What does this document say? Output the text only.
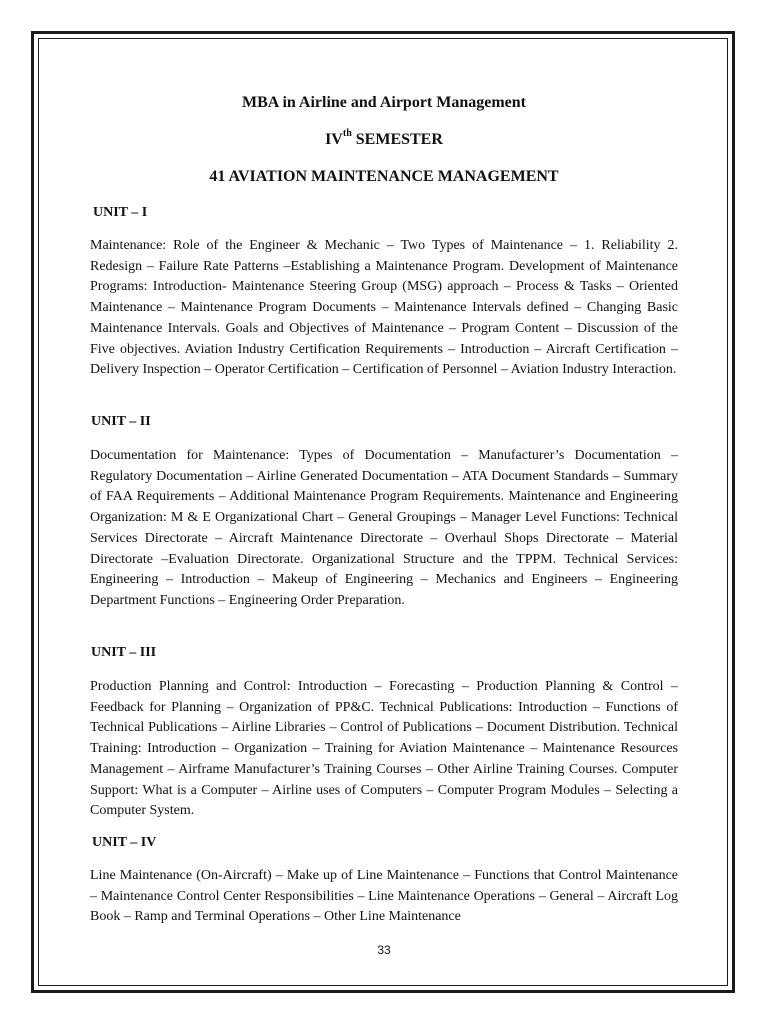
MBA in Airline and Airport Management
IVth SEMESTER
41 AVIATION MAINTENANCE MANAGEMENT
UNIT – I
Maintenance: Role of the Engineer & Mechanic – Two Types of Maintenance – 1. Reliability 2. Redesign – Failure Rate Patterns –Establishing a Maintenance Program. Development of Maintenance Programs: Introduction- Maintenance Steering Group (MSG) approach – Process & Tasks – Oriented Maintenance – Maintenance Program Documents – Maintenance Intervals defined – Changing Basic Maintenance Intervals. Goals and Objectives of Maintenance – Program Content – Discussion of the Five objectives. Aviation Industry Certification Requirements – Introduction – Aircraft Certification – Delivery Inspection – Operator Certification – Certification of Personnel – Aviation Industry Interaction.
UNIT – II
Documentation for Maintenance: Types of Documentation – Manufacturer’s Documentation – Regulatory Documentation – Airline Generated Documentation – ATA Document Standards – Summary of FAA Requirements – Additional Maintenance Program Requirements. Maintenance and Engineering Organization: M & E Organizational Chart – General Groupings – Manager Level Functions: Technical Services Directorate – Aircraft Maintenance Directorate – Overhaul Shops Directorate – Material Directorate –Evaluation Directorate. Organizational Structure and the TPPM. Technical Services: Engineering – Introduction – Makeup of Engineering – Mechanics and Engineers – Engineering Department Functions – Engineering Order Preparation.
UNIT – III
Production Planning and Control: Introduction – Forecasting – Production Planning & Control – Feedback for Planning – Organization of PP&C. Technical Publications: Introduction – Functions of Technical Publications – Airline Libraries – Control of Publications – Document Distribution. Technical Training: Introduction – Organization – Training for Aviation Maintenance – Maintenance Resources Management – Airframe Manufacturer’s Training Courses – Other Airline Training Courses. Computer Support: What is a Computer – Airline uses of Computers – Computer Program Modules – Selecting a Computer System.
UNIT – IV
Line Maintenance (On-Aircraft) – Make up of Line Maintenance – Functions that Control Maintenance – Maintenance Control Center Responsibilities – Line Maintenance Operations – General – Aircraft Log Book – Ramp and Terminal Operations – Other Line Maintenance
33
